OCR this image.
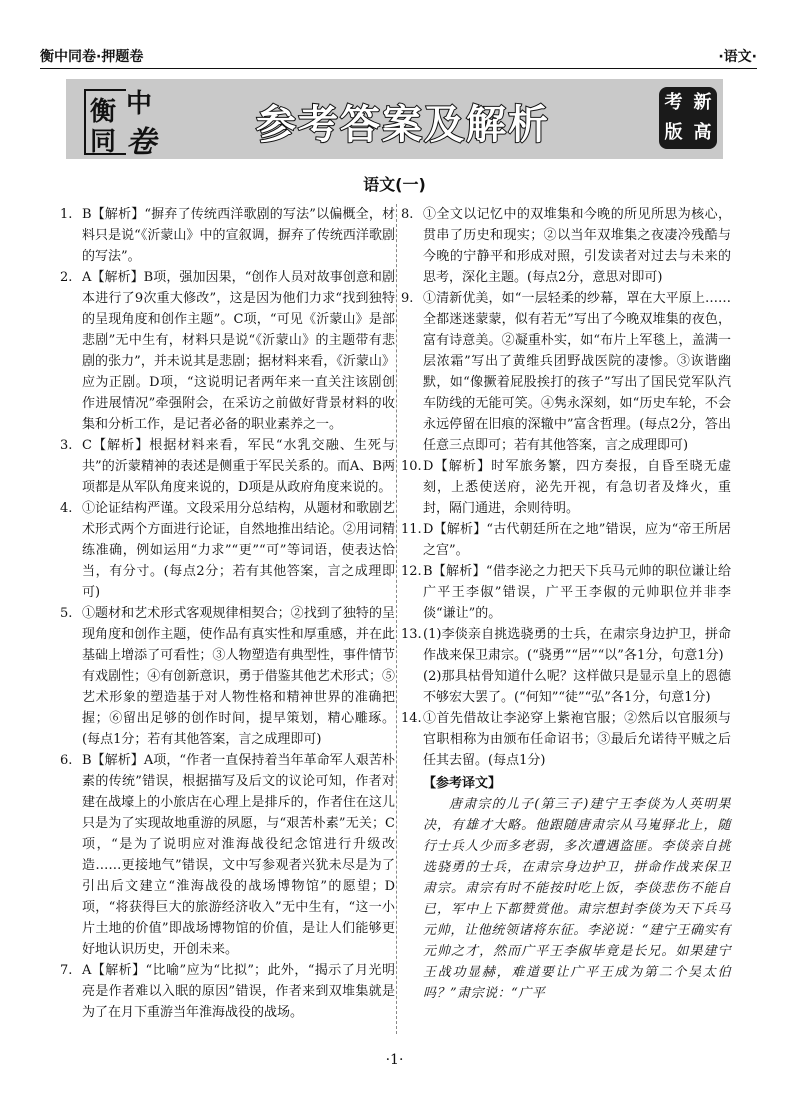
衡中同卷·押题卷	·语文·
衡 中
同 卷	参考答案及解析	考 新
版 高
语文(一)
1. B【解析】“摒弃了传统西洋歌剧的写法”以偏概全，材料只是说“《沂蒙山》中的宣叙调，摒弃了传统西洋歌剧的写法”。
2. A【解析】B项，强加因果，“创作人员对故事创意和剧本进行了9次重大修改”，这是因为他们力求“找到独特的呈现角度和创作主题”。C项，“可见《沂蒙山》是部悲剧”无中生有，材料只是说“《沂蒙山》的主题带有悲剧的张力”，并未说其是悲剧；据材料来看，《沂蒙山》应为正剧。D项，“这说明记者两年来一直关注该剧创作进展情况”牵强附会，在采访之前做好背景材料的收集和分析工作，是记者必备的职业素养之一。
3. C【解析】根据材料来看，军民“水乳交融、生死与共”的沂蒙精神的表述是侧重于军民关系的。而A、B两项都是从军队角度来说的，D项是从政府角度来说的。
4. ①论证结构严谨。文段采用分总结构，从题材和歌剧艺术形式两个方面进行论证，自然地推出结论。②用词精练准确，例如运用“力求”“更”“可”等词语，使表达恰当，有分寸。(每点2分；若有其他答案，言之成理即可)
5. ①题材和艺术形式客观规律相契合；②找到了独特的呈现角度和创作主题，使作品有真实性和厚重感，并在此基础上增添了可看性；③人物塑造有典型性，事件情节有戏剧性；④有创新意识，勇于借鉴其他艺术形式；⑤艺术形象的塑造基于对人物性格和精神世界的准确把握；⑥留出足够的创作时间，提早策划，精心雕琢。(每点1分；若有其他答案，言之成理即可)
6. B【解析】A项，“作者一直保持着当年革命军人艰苦朴素的传统”错误，根据描写及后文的议论可知，作者对建在战壕上的小旅店在心理上是排斥的，作者住在这儿只是为了实现故地重游的夙愿，与“艰苦朴素”无关；C项，“是为了说明应对淮海战役纪念馆进行升级改造……更接地气”错误，文中写参观者兴犹未尽是为了引出后文建立“淮海战役的战场博物馆”的愿望；D项，“将获得巨大的旅游经济收入”无中生有，“这一小片土地的价值”即战场博物馆的价值，是让人们能够更好地认识历史，开创未来。
7. A【解析】“比喻”应为“比拟”；此外，“揭示了月光明亮是作者难以入眠的原因”错误，作者来到双堆集就是为了在月下重游当年淮海战役的战场。
8. ①全文以记忆中的双堆集和今晚的所见所思为核心，贯串了历史和现实；②以当年双堆集之夜凄冷残酷与今晚的宁静平和形成对照，引发读者对过去与未来的思考，深化主题。(每点2分，意思对即可)
9. ①清新优美，如“一层轻柔的纱幕，罩在大平原上……全都迷迷蒙蒙，似有若无”写出了今晚双堆集的夜色，富有诗意美。②凝重朴实，如“布片上军毯上，盖满一层浓霜”写出了黄维兵团野战医院的凄惨。③诙谐幽默，如“像撅着屁股挨打的孩子”写出了国民党军队汽车防线的无能可笑。④隽永深刻，如“历史车轮，不会永远停留在旧痕的深辙中”富含哲理。(每点2分，答出任意三点即可；若有其他答案，言之成理即可)
10. D【解析】时军旅务繁，四方奏报，自昏至晓无虚刻，上悉使送府，泌先开视，有急切者及烽火，重封，隔门通进，余则待明。
11. D【解析】“古代朝廷所在之地”错误，应为“帝王所居之宫”。
12. B【解析】“借李泌之力把天下兵马元帅的职位谦让给广平王李俶”错误，广平王李俶的元帅职位并非李倓“谦让”的。
13. (1)李倓亲自挑选骁勇的士兵，在肃宗身边护卫，拼命作战来保卫肃宗。(“骁勇”“居”“以”各1分，句意1分)
(2)那具枯骨知道什么呢？这样做只是显示皇上的恩德不够宏大罢了。(“何知”“徒”“弘”各1分，句意1分)
14. ①首先借故让李泌穿上紫袍官服；②然后以官服须与官职相称为由颁布任命诏书；③最后允诺待平贼之后任其去留。(每点1分)
【参考译文】
唐肃宗的儿子(第三子)建宁王李倓为人英明果决，有雄才大略。他跟随唐肃宗从马嵬驿北上，随行士兵人少而多老弱，多次遭遇盗匪。李倓亲自挑选骁勇的士兵，在肃宗身边护卫，拼命作战来保卫肃宗。肃宗有时不能按时吃上饭，李倓悲伤不能自已，军中上下都赞赏他。肃宗想封李倓为天下兵马元帅，让他统领诸将东征。李泌说：“建宁王确实有元帅之才，然而广平王李俶毕竟是长兄。如果建宁王战功显赫，难道要让广平王成为第二个吴太伯吗？”肃宗说：“广平
·1·
